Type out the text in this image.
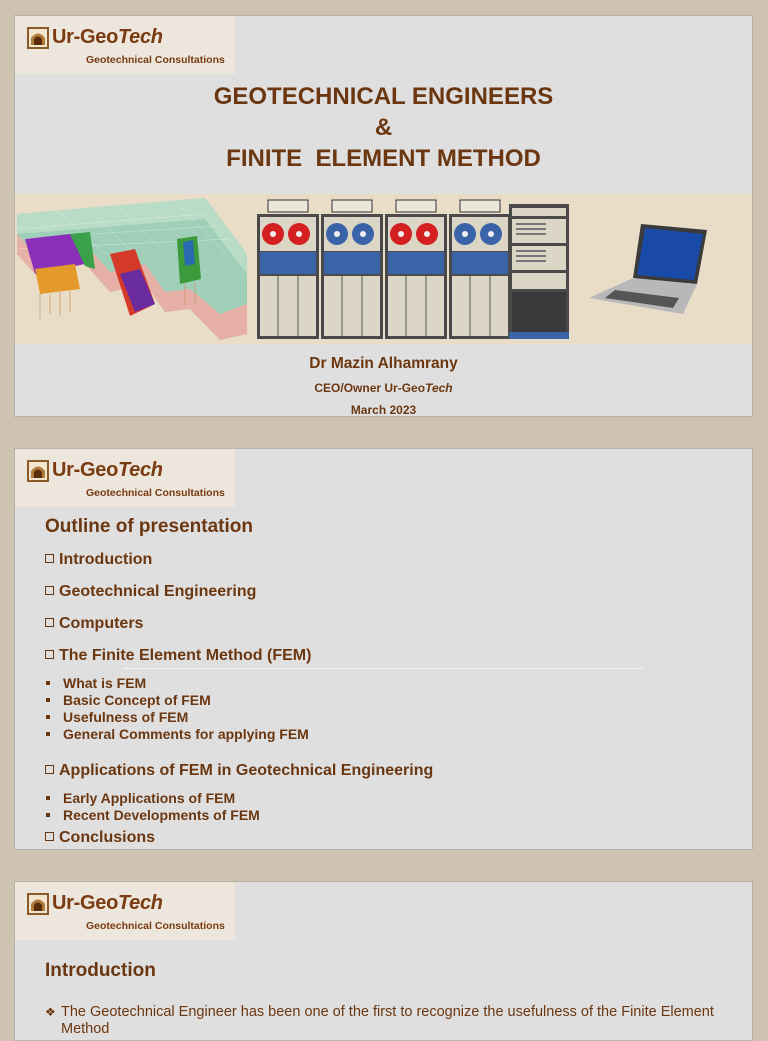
Ur-GeoTech
Geotechnical Consultations
GEOTECHNICAL ENGINEERS
&
FINITE  ELEMENT METHOD
Dr Mazin Alhamrany
CEO/Owner Ur-GeoTech
March 2023
Ur-GeoTech
Geotechnical Consultations
Outline of presentation
Introduction
Geotechnical Engineering
Computers
The Finite Element Method (FEM)
What is FEM
Basic Concept of FEM
Usefulness of FEM
General Comments for applying FEM
Applications of FEM in Geotechnical Engineering
Early Applications of FEM
Recent Developments of FEM
Conclusions
Ur-GeoTech
Geotechnical Consultations
Introduction
❖ The Geotechnical Engineer has been one of the first to recognize the usefulness of the Finite Element
Method
